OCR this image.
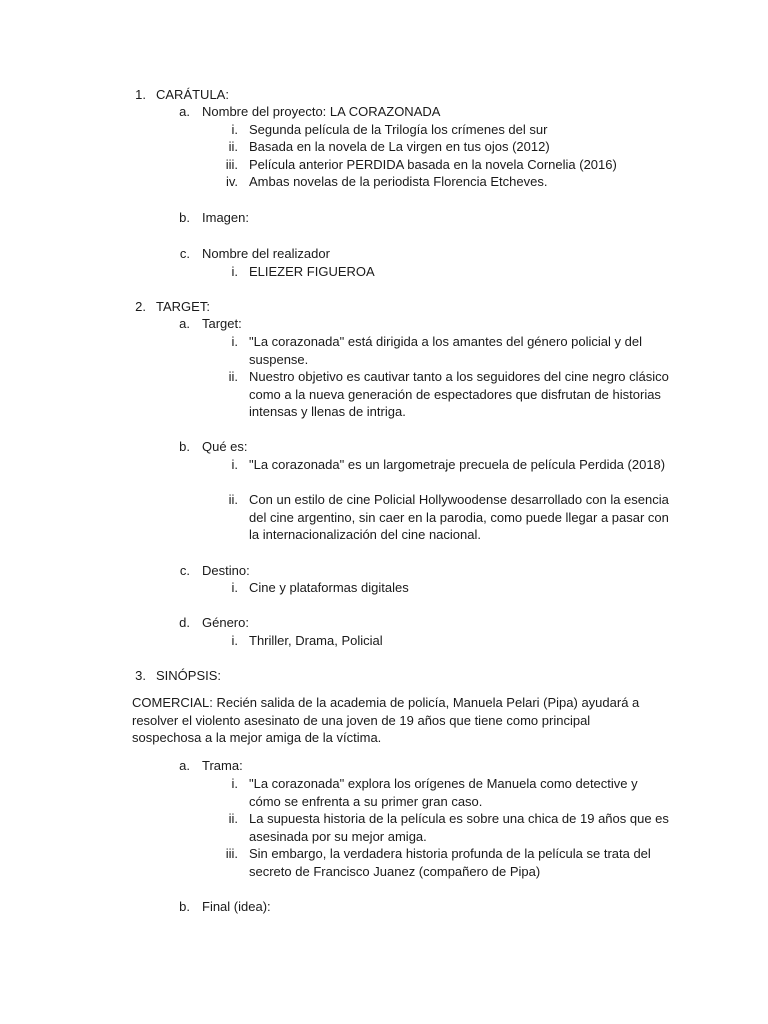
1. CARÁTULA:
a. Nombre del proyecto: LA CORAZONADA
i. Segunda película de la Trilogía los crímenes del sur
ii. Basada en la novela de La virgen en tus ojos (2012)
iii. Película anterior PERDIDA basada en la novela Cornelia (2016)
iv. Ambas novelas de la periodista Florencia Etcheves.
b. Imagen:
c. Nombre del realizador
i. ELIEZER FIGUEROA
2. TARGET:
a. Target:
i. "La corazonada" está dirigida a los amantes del género policial y del suspense.
ii. Nuestro objetivo es cautivar tanto a los seguidores del cine negro clásico como a la nueva generación de espectadores que disfrutan de historias intensas y llenas de intriga.
b. Qué es:
i. "La corazonada" es un largometraje precuela de película Perdida (2018)
ii. Con un estilo de cine Policial Hollywoodense desarrollado con la esencia del cine argentino, sin caer en la parodia, como puede llegar a pasar con la internacionalización del cine nacional.
c. Destino:
i. Cine y plataformas digitales
d. Género:
i. Thriller, Drama, Policial
3. SINÓPSIS:
COMERCIAL: Recién salida de la academia de policía, Manuela Pelari (Pipa) ayudará a resolver el violento asesinato de una joven de 19 años que tiene como principal sospechosa a la mejor amiga de la víctima.
a. Trama:
i. "La corazonada" explora los orígenes de Manuela como detective y cómo se enfrenta a su primer gran caso.
ii. La supuesta historia de la película es sobre una chica de 19 años que es asesinada por su mejor amiga.
iii. Sin embargo, la verdadera historia profunda de la película se trata del secreto de Francisco Juanez (compañero de Pipa)
b. Final (idea):
